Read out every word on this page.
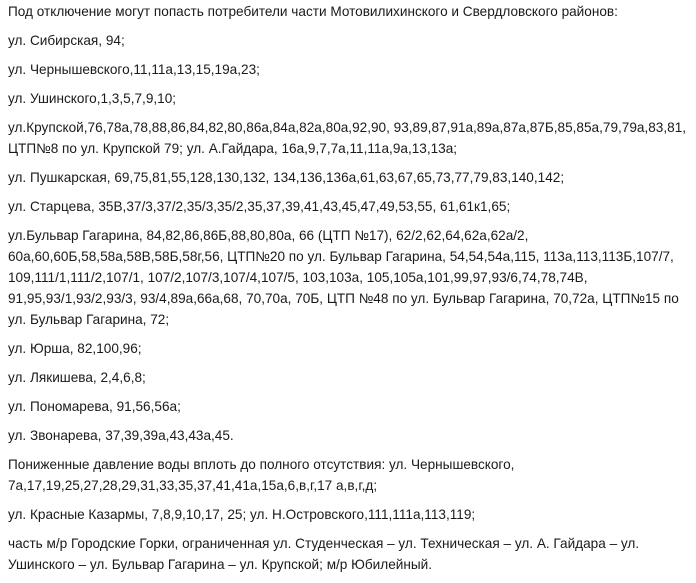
Под отключение могут попасть потребители части Мотовилихинского и Свердловского районов:

ул. Сибирская, 94;

ул. Чернышевского,11,11а,13,15,19а,23;

ул. Ушинского,1,3,5,7,9,10;

ул.Крупской,76,78а,78,88,86,84,82,80,86а,84а,82а,80а,92,90, 93,89,87,91а,89а,87а,87Б,85,85а,79,79а,83,81, ЦТП№8 по ул. Крупской 79; ул. А.Гайдара, 16а,9,7,7а,11,11а,9а,13,13а;

ул. Пушкарская, 69,75,81,55,128,130,132, 134,136,136а,61,63,67,65,73,77,79,83,140,142;

ул. Старцева, 35В,37/3,37/2,35/3,35/2,35,37,39,41,43,45,47,49,53,55, 61,61к1,65;

ул.Бульвар Гагарина, 84,82,86,86Б,88,80,80а, 66 (ЦТП №17), 62/2,62,64,62а,62а/2, 60а,60,60Б,58,58а,58В,58Б,58г,56, ЦТП№20 по ул. Бульвар Гагарина, 54,54,54а,115, 113а,113,113Б,107/7, 109,111/1,111/2,107/1, 107/2,107/3,107/4,107/5, 103,103а, 105,105а,101,99,97,93/6,74,78,74В, 91,95,93/1,93/2,93/3, 93/4,89а,66а,68, 70,70а, 70Б, ЦТП №48 по ул. Бульвар Гагарина, 70,72а, ЦТП№15 по ул. Бульвар Гагарина, 72;

ул. Юрша, 82,100,96;

ул. Лякишева, 2,4,6,8;

ул. Пономарева, 91,56,56а;

ул. Звонарева, 37,39,39а,43,43а,45.

Пониженные давление воды вплоть до полного отсутствия: ул. Чернышевского, 7а,17,19,25,27,28,29,31,33,35,37,41,41а,15а,6,в,г,17 а,в,г,д;

ул. Красные Казармы, 7,8,9,10,17, 25; ул. Н.Островского,111,111а,113,119;

часть м/р Городские Горки, ограниченная ул. Студенческая – ул. Техническая – ул. А. Гайдара – ул. Ушинского – ул. Бульвар Гагарина – ул. Крупской; м/р Юбилейный.
